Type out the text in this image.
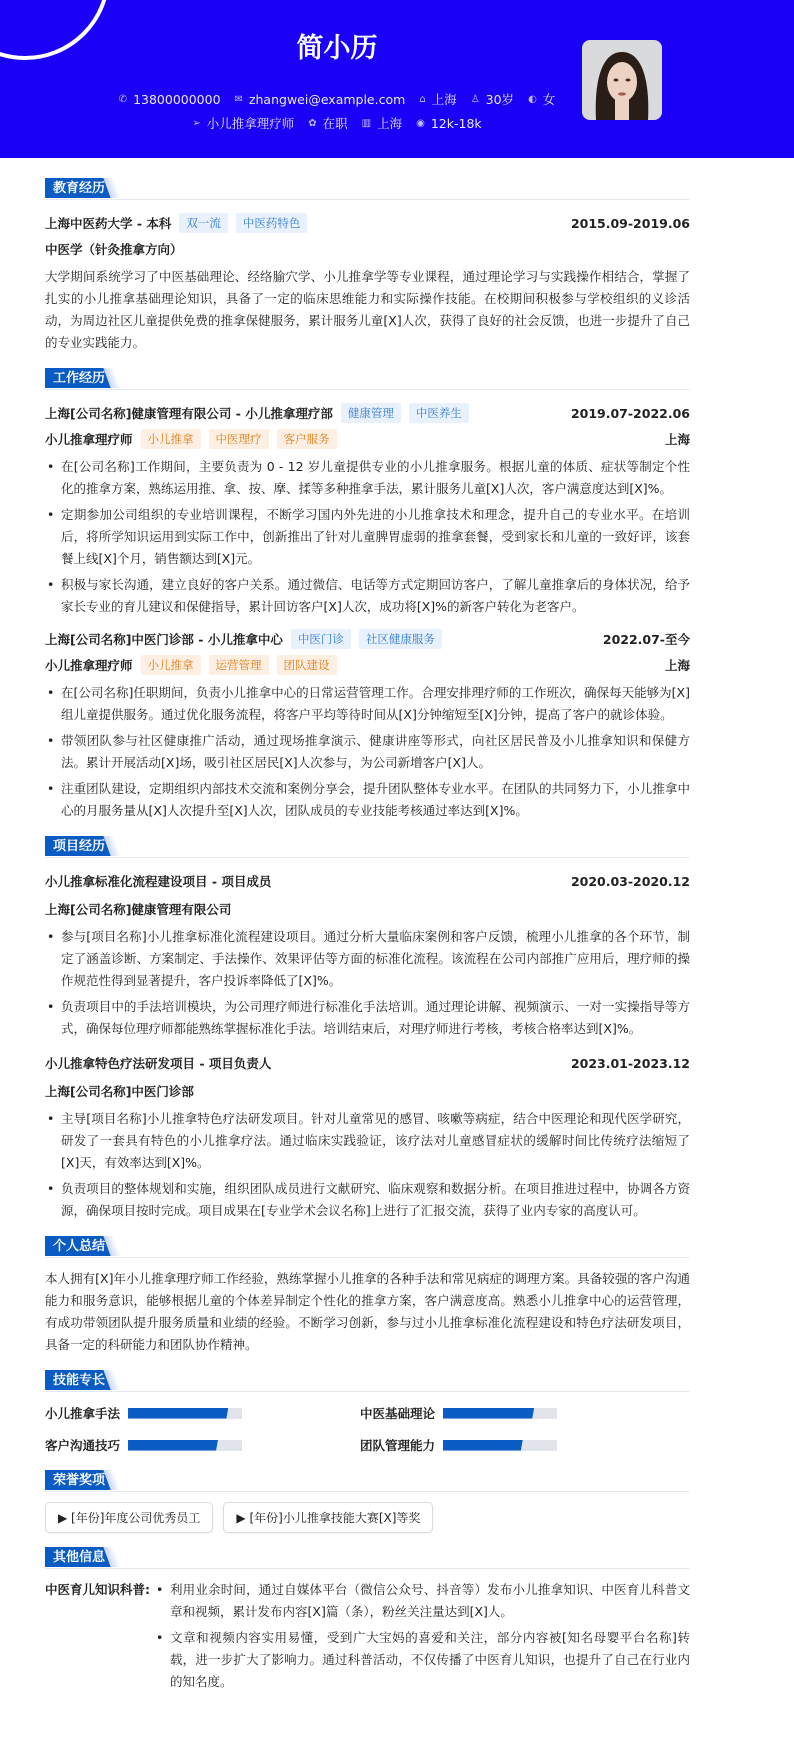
简小历
✆ 13800000000 ✉ zhangwei@example.com ⌂ 上海 ♙ 30岁 ◐ 女
➢ 小儿推拿理疗师 ✿ 在职 ▥ 上海 ◉ 12k-18k
教育经历
上海中医药大学 - 本科	双一流	中医药特色	2015.09-2019.06
中医学（针灸推拿方向）

大学期间系统学习了中医基础理论、经络腧穴学、小儿推拿学等专业课程，通过理论学习与实践操作相结合，掌握了扎实的小儿推拿基础理论知识，具备了一定的临床思维能力和实际操作技能。在校期间积极参与学校组织的义诊活动，为周边社区儿童提供免费的推拿保健服务，累计服务儿童[X]人次，获得了良好的社会反馈，也进一步提升了自己的专业实践能力。

工作经历
上海[公司名称]健康管理有限公司 - 小儿推拿理疗部	健康管理	中医养生	2019.07-2022.06
小儿推拿理疗师	小儿推拿	中医理疗	客户服务	上海
• 在[公司名称]工作期间，主要负责为 0 - 12 岁儿童提供专业的小儿推拿服务。根据儿童的体质、症状等制定个性化的推拿方案，熟练运用推、拿、按、摩、揉等多种推拿手法，累计服务儿童[X]人次，客户满意度达到[X]%。
• 定期参加公司组织的专业培训课程，不断学习国内外先进的小儿推拿技术和理念，提升自己的专业水平。在培训后，将所学知识运用到实际工作中，创新推出了针对儿童脾胃虚弱的推拿套餐，受到家长和儿童的一致好评，该套餐上线[X]个月，销售额达到[X]元。
• 积极与家长沟通，建立良好的客户关系。通过微信、电话等方式定期回访客户，了解儿童推拿后的身体状况，给予家长专业的育儿建议和保健指导，累计回访客户[X]人次，成功将[X]%的新客户转化为老客户。
上海[公司名称]中医门诊部 - 小儿推拿中心	中医门诊	社区健康服务	2022.07-至今
小儿推拿理疗师	小儿推拿	运营管理	团队建设	上海
• 在[公司名称]任职期间，负责小儿推拿中心的日常运营管理工作。合理安排理疗师的工作班次，确保每天能够为[X]组儿童提供服务。通过优化服务流程，将客户平均等待时间从[X]分钟缩短至[X]分钟，提高了客户的就诊体验。
• 带领团队参与社区健康推广活动，通过现场推拿演示、健康讲座等形式，向社区居民普及小儿推拿知识和保健方法。累计开展活动[X]场，吸引社区居民[X]人次参与，为公司新增客户[X]人。
• 注重团队建设，定期组织内部技术交流和案例分享会，提升团队整体专业水平。在团队的共同努力下，小儿推拿中心的月服务量从[X]人次提升至[X]人次，团队成员的专业技能考核通过率达到[X]%。
项目经历
小儿推拿标准化流程建设项目 - 项目成员	2020.03-2020.12
上海[公司名称]健康管理有限公司
• 参与[项目名称]小儿推拿标准化流程建设项目。通过分析大量临床案例和客户反馈，梳理小儿推拿的各个环节，制定了涵盖诊断、方案制定、手法操作、效果评估等方面的标准化流程。该流程在公司内部推广应用后，理疗师的操作规范性得到显著提升，客户投诉率降低了[X]%。
• 负责项目中的手法培训模块，为公司理疗师进行标准化手法培训。通过理论讲解、视频演示、一对一实操指导等方式，确保每位理疗师都能熟练掌握标准化手法。培训结束后，对理疗师进行考核，考核合格率达到[X]%。
小儿推拿特色疗法研发项目 - 项目负责人	2023.01-2023.12
上海[公司名称]中医门诊部
• 主导[项目名称]小儿推拿特色疗法研发项目。针对儿童常见的感冒、咳嗽等病症，结合中医理论和现代医学研究，研发了一套具有特色的小儿推拿疗法。通过临床实践验证，该疗法对儿童感冒症状的缓解时间比传统疗法缩短了[X]天，有效率达到[X]%。
• 负责项目的整体规划和实施，组织团队成员进行文献研究、临床观察和数据分析。在项目推进过程中，协调各方资源，确保项目按时完成。项目成果在[专业学术会议名称]上进行了汇报交流，获得了业内专家的高度认可。
个人总结

本人拥有[X]年小儿推拿理疗师工作经验，熟练掌握小儿推拿的各种手法和常见病症的调理方案。具备较强的客户沟通能力和服务意识，能够根据儿童的个体差异制定个性化的推拿方案，客户满意度高。熟悉小儿推拿中心的运营管理，有成功带领团队提升服务质量和业绩的经验。不断学习创新，参与过小儿推拿标准化流程建设和特色疗法研发项目，具备一定的科研能力和团队协作精神。

技能专长
小儿推拿手法	中医基础理论
客户沟通技巧	团队管理能力
荣誉奖项
▶ [年份]年度公司优秀员工	▶ [年份]小儿推拿技能大赛[X]等奖
其他信息
中医育儿知识科普:	• 利用业余时间，通过自媒体平台（微信公众号、抖音等）发布小儿推拿知识、中医育儿科普文章和视频，累计发布内容[X]篇（条），粉丝关注量达到[X]人。
• 文章和视频内容实用易懂，受到广大宝妈的喜爱和关注，部分内容被[知名母婴平台名称]转载，进一步扩大了影响力。通过科普活动，不仅传播了中医育儿知识，也提升了自己在行业内的知名度。
